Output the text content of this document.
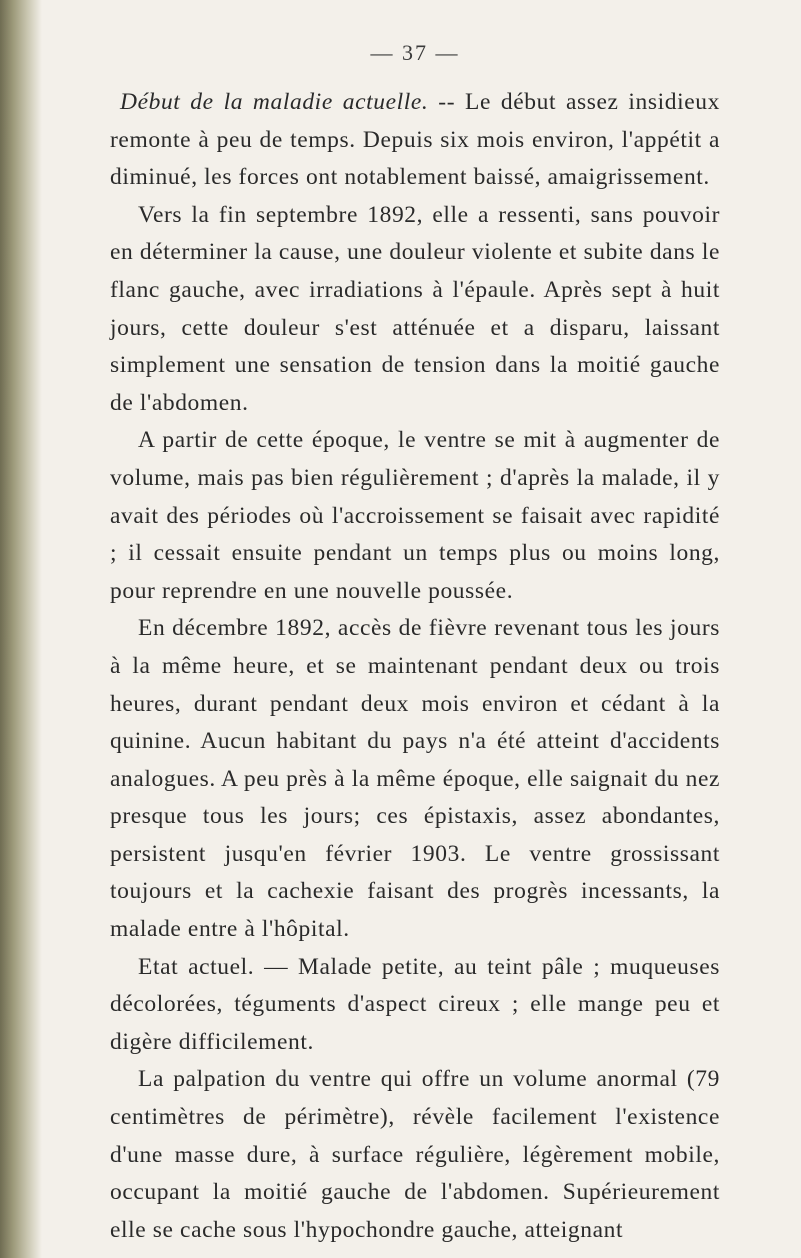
— 37 —

Début de la maladie actuelle. -- Le début assez insidieux remonte à peu de temps. Depuis six mois environ, l'appétit a diminué, les forces ont notablement baissé, amaigrissement.

Vers la fin septembre 1892, elle a ressenti, sans pouvoir en déterminer la cause, une douleur violente et subite dans le flanc gauche, avec irradiations à l'épaule. Après sept à huit jours, cette douleur s'est atténuée et a disparu, laissant simplement une sensation de tension dans la moitié gauche de l'abdomen.

A partir de cette époque, le ventre se mit à augmenter de volume, mais pas bien régulièrement ; d'après la malade, il y avait des périodes où l'accroissement se faisait avec rapidité ; il cessait ensuite pendant un temps plus ou moins long, pour reprendre en une nouvelle poussée.

En décembre 1892, accès de fièvre revenant tous les jours à la même heure, et se maintenant pendant deux ou trois heures, durant pendant deux mois environ et cédant à la quinine. Aucun habitant du pays n'a été atteint d'accidents analogues. A peu près à la même époque, elle saignait du nez presque tous les jours; ces épistaxis, assez abondantes, persistent jusqu'en février 1903. Le ventre grossissant toujours et la cachexie faisant des progrès incessants, la malade entre à l'hôpital.

Etat actuel. — Malade petite, au teint pâle ; muqueuses décolorées, téguments d'aspect cireux ; elle mange peu et digère difficilement.

La palpation du ventre qui offre un volume anormal (79 centimètres de périmètre), révèle facilement l'existence d'une masse dure, à surface régulière, légèrement mobile, occupant la moitié gauche de l'abdomen. Supérieurement elle se cache sous l'hypochondre gauche, atteignant
